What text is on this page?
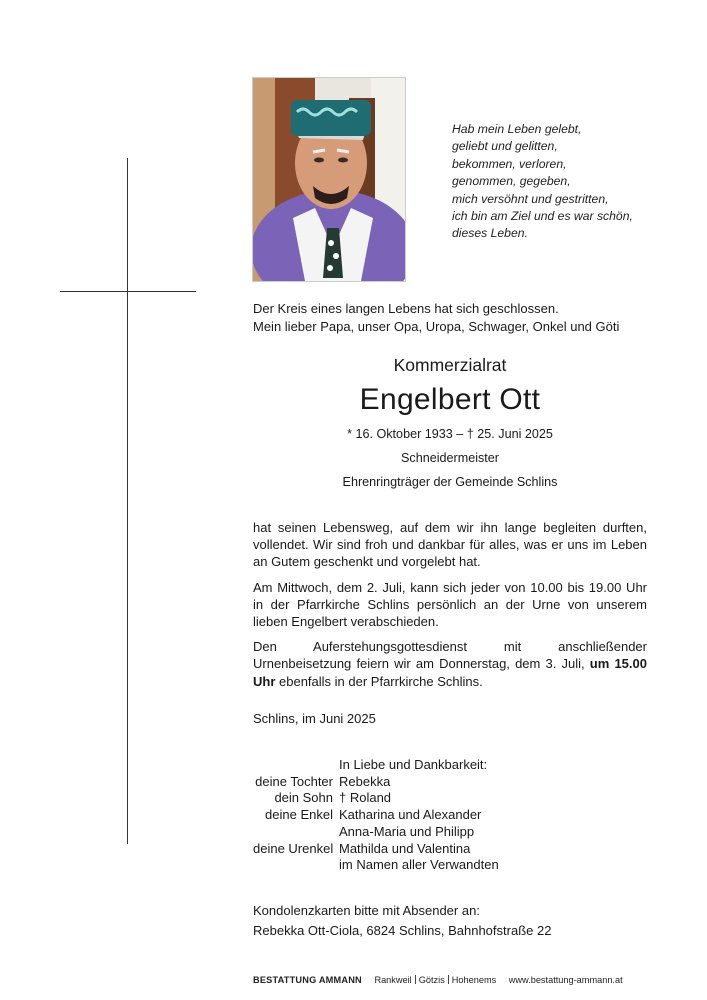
Hab mein Leben gelebt,
geliebt und gelitten,
bekommen, verloren,
genommen, gegeben,
mich versöhnt und gestritten,
ich bin am Ziel und es war schön,
dieses Leben.
Der Kreis eines langen Lebens hat sich geschlossen.
Mein lieber Papa, unser Opa, Uropa, Schwager, Onkel und Göti
Kommerzialrat
Engelbert Ott
* 16. Oktober 1933 – † 25. Juni 2025
Schneidermeister
Ehrenringträger der Gemeinde Schlins

hat seinen Lebensweg, auf dem wir ihn lange begleiten durften, vollendet. Wir sind froh und dankbar für alles, was er uns im Leben an Gutem geschenkt und vorgelebt hat.

Am Mittwoch, dem 2. Juli, kann sich jeder von 10.00 bis 19.00 Uhr in der Pfarrkirche Schlins persönlich an der Urne von unserem lieben Engelbert verabschieden.

Den Auferstehungsgottesdienst mit anschließender Urnenbeisetzung feiern wir am Donnerstag, dem 3. Juli, um 15.00 Uhr ebenfalls in der Pfarrkirche Schlins.

Schlins, im Juni 2025
In Liebe und Dankbarkeit:
deine Tochter Rebekka
dein Sohn † Roland
deine Enkel Katharina und Alexander
Anna-Maria und Philipp
deine Urenkel Mathilda und Valentina
im Namen aller Verwandten
Kondolenzkarten bitte mit Absender an:
Rebekka Ott-Ciola, 6824 Schlins, Bahnhofstraße 22
BESTATTUNG AMMANN Rankweil Götzis Hohenems www.bestattung-ammann.at
